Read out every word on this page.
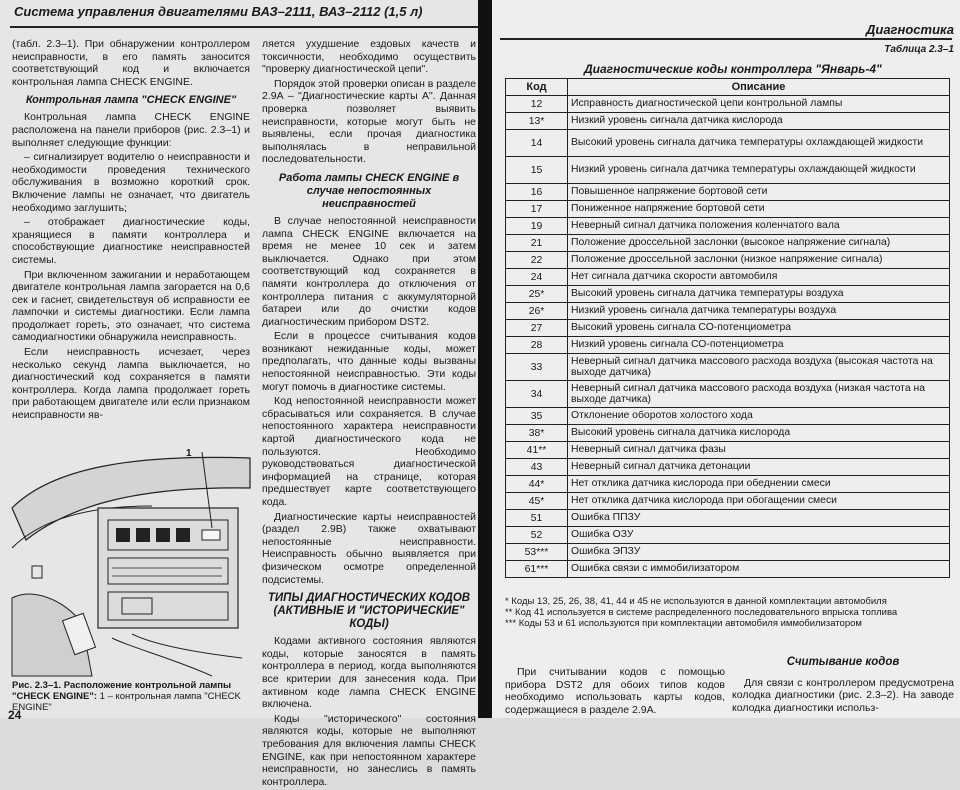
Система управления двигателями ВАЗ–2111, ВАЗ–2112 (1,5 л)

(табл. 2.3–1). При обнаружении контроллером неисправности, в его память заносится соответствующий код и включается контрольная лампа CHECK ENGINE.

Контрольная лампа "CHECK ENGINE"

Контрольная лампа CHECK ENGINE расположена на панели приборов (рис. 2.3–1) и выполняет следующие функции:

– сигнализирует водителю о неисправности и необходимости проведения технического обслуживания в возможно короткий срок. Включение лампы не означает, что двигатель необходимо заглушить;

– отображает диагностические коды, хранящиеся в памяти контроллера и способствующие диагностике неисправностей системы.

При включенном зажигании и неработающем двигателе контрольная лампа загорается на 0,6 сек и гаснет, свидетельствуя об исправности ее лампочки и системы диагностики. Если лампа продолжает гореть, это означает, что система самодиагностики обнаружила неисправность.

Если неисправность исчезает, через несколько секунд лампа выключается, но диагностический код сохраняется в памяти контроллера. Когда лампа продолжает гореть при работающем двигателе или если признаком неисправности яв-

1
Рис. 2.3–1. Расположение контрольной лампы "CHECK ENGINE": 1 – контрольная лампа "CHECK ENGINE"
24

ляется ухудшение ездовых качеств и токсичности, необходимо осуществить "проверку диагностической цепи".

Порядок этой проверки описан в разделе 2.9А – "Диагностические карты А". Данная проверка позволяет выявить неисправности, которые могут быть не выявлены, если прочая диагностика выполнялась в неправильной последовательности.

Работа лампы CHECK ENGINE в случае непостоянных неисправностей

В случае непостоянной неисправности лампа CHECK ENGINE включается на время не менее 10 сек и затем выключается. Однако при этом соответствующий код сохраняется в памяти контроллера до отключения от контроллера питания с аккумуляторной батареи или до очистки кодов диагностическим прибором DST2.

Если в процессе считывания кодов возникают нежиданные коды, может предполагать, что данные коды вызваны непостоянной неисправностью. Эти коды могут помочь в диагностике системы.

Код непостоянной неисправности может сбрасываться или сохраняется. В случае непостоянного характера неисправности картой диагностического кода не пользуются. Необходимо руководствоваться диагностической информацией на странице, которая предшествует карте соответствующего кода.

Диагностические карты неисправностей (раздел 2.9В) также охватывают непостоянные неисправности. Неисправность обычно выявляется при физическом осмотре определенной подсистемы.

ТИПЫ ДИАГНОСТИЧЕСКИХ КОДОВ (АКТИВНЫЕ И "ИСТОРИЧЕСКИЕ" КОДЫ)

Кодами активного состояния являются коды, которые заносятся в память контроллера в период, когда выполняются все критерии для занесения кода. При активном коде лампа CHECK ENGINE включена.

Коды "исторического" состояния являются коды, которые не выполняют требования для включения лампы CHECK ENGINE, как при непостоянном характере неисправности, но занеслись в память контроллера.

Диагностика
Таблица 2.3–1
Диагностические коды контроллера "Январь-4"
Код	Описание
12	Исправность диагностической цепи контрольной лампы
13*	Низкий уровень сигнала датчика кислорода
14	Высокий уровень сигнала датчика температуры охлаждающей жидкости
15	Низкий уровень сигнала датчика температуры охлаждающей жидкости
16	Повышенное напряжение бортовой сети
17	Пониженное напряжение бортовой сети
19	Неверный сигнал датчика положения коленчатого вала
21	Положение дроссельной заслонки (высокое напряжение сигнала)
22	Положение дроссельной заслонки (низкое напряжение сигнала)
24	Нет сигнала датчика скорости автомобиля
25*	Высокий уровень сигнала датчика температуры воздуха
26*	Низкий уровень сигнала датчика температуры воздуха
27	Высокий уровень сигнала СО-потенциометра
28	Низкий уровень сигнала СО-потенциометра
33	Неверный сигнал датчика массового расхода воздуха (высокая частота на выходе датчика)
34	Неверный сигнал датчика массового расхода воздуха (низкая частота на выходе датчика)
35	Отклонение оборотов холостого хода
38*	Высокий уровень сигнала датчика кислорода
41**	Неверный сигнал датчика фазы
43	Неверный сигнал датчика детонации
44*	Нет отклика датчика кислорода при обеднении смеси
45*	Нет отклика датчика кислорода при обогащении смеси
51	Ошибка ППЗУ
52	Ошибка ОЗУ
53***	Ошибка ЭПЗУ
61***	Ошибка связи с иммобилизатором
* Коды 13, 25, 26, 38, 41, 44 и 45 не используются в данной комплектации автомобиля
** Код 41 используется в системе распределенного последовательного впрыска топлива
*** Коды 53 и 61 используются при комплектации автомобиля иммобилизатором

При считывании кодов с помощью прибора DST2 для обоих типов кодов необходимо использовать карты кодов, содержащиеся в разделе 2.9А.

Считывание кодов

Для связи с контроллером предусмотрена колодка диагностики (рис. 2.3–2). На заводе колодка диагностики использ-
